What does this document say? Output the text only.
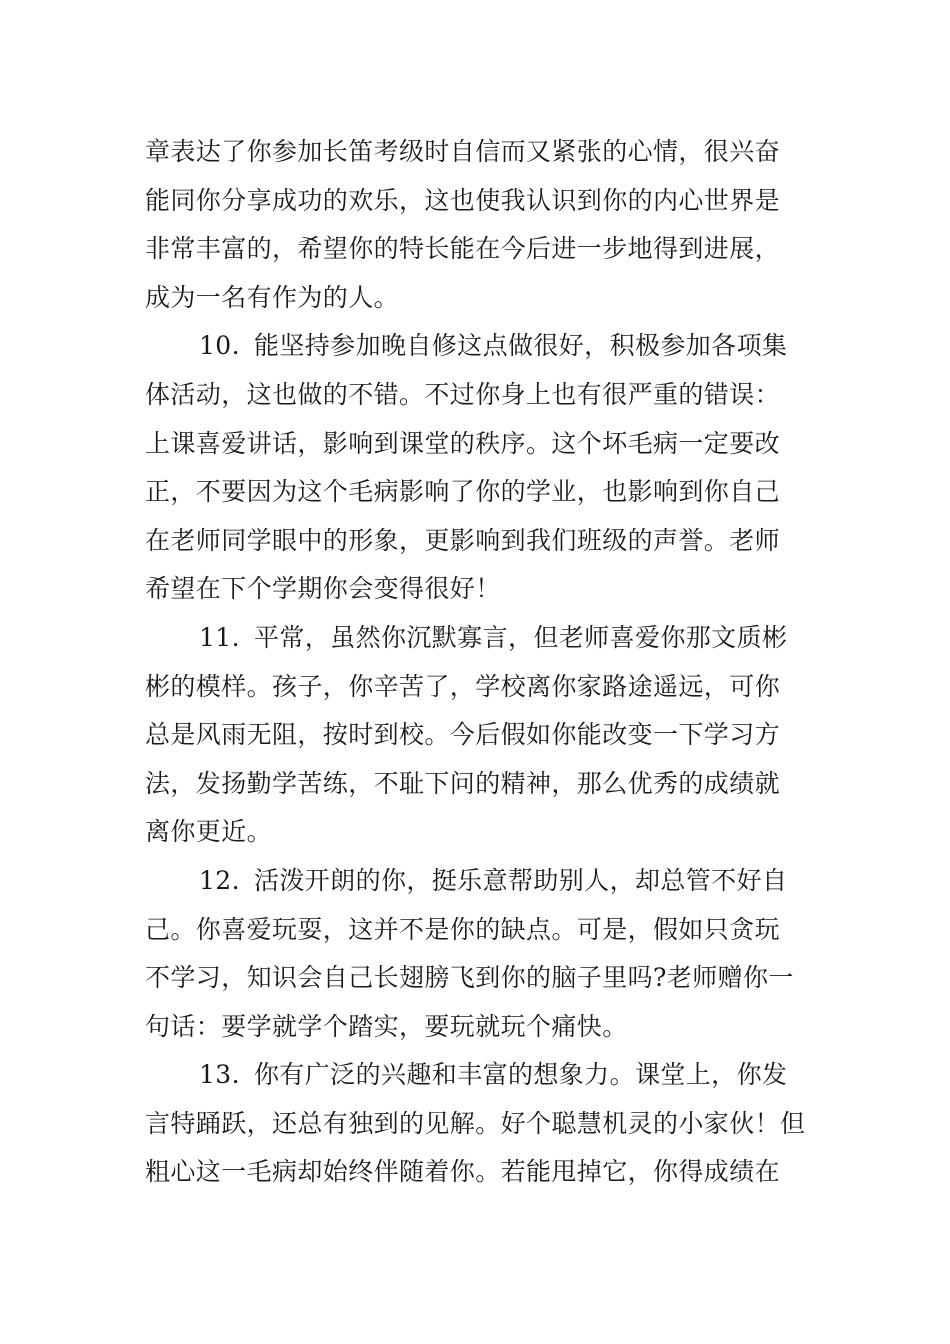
章表达了你参加长笛考级时自信而又紧张的心情，很兴奋
能同你分享成功的欢乐，这也使我认识到你的内心世界是
非常丰富的，希望你的特长能在今后进一步地得到进展，
成为一名有作为的人。
10. 能坚持参加晚自修这点做很好，积极参加各项集
体活动，这也做的不错。不过你身上也有很严重的错误：
上课喜爱讲话，影响到课堂的秩序。这个坏毛病一定要改
正，不要因为这个毛病影响了你的学业，也影响到你自己
在老师同学眼中的形象，更影响到我们班级的声誉。老师
希望在下个学期你会变得很好！
11. 平常，虽然你沉默寡言，但老师喜爱你那文质彬
彬的模样。孩子，你辛苦了，学校离你家路途遥远，可你
总是风雨无阻，按时到校。今后假如你能改变一下学习方
法，发扬勤学苦练，不耻下问的精神，那么优秀的成绩就
离你更近。
12. 活泼开朗的你，挺乐意帮助别人，却总管不好自
己。你喜爱玩耍，这并不是你的缺点。可是，假如只贪玩
不学习，知识会自己长翅膀飞到你的脑子里吗?老师赠你一
句话：要学就学个踏实，要玩就玩个痛快。
13. 你有广泛的兴趣和丰富的想象力。课堂上，你发
言特踊跃，还总有独到的见解。好个聪慧机灵的小家伙！但
粗心这一毛病却始终伴随着你。若能甩掉它，你得成绩在
